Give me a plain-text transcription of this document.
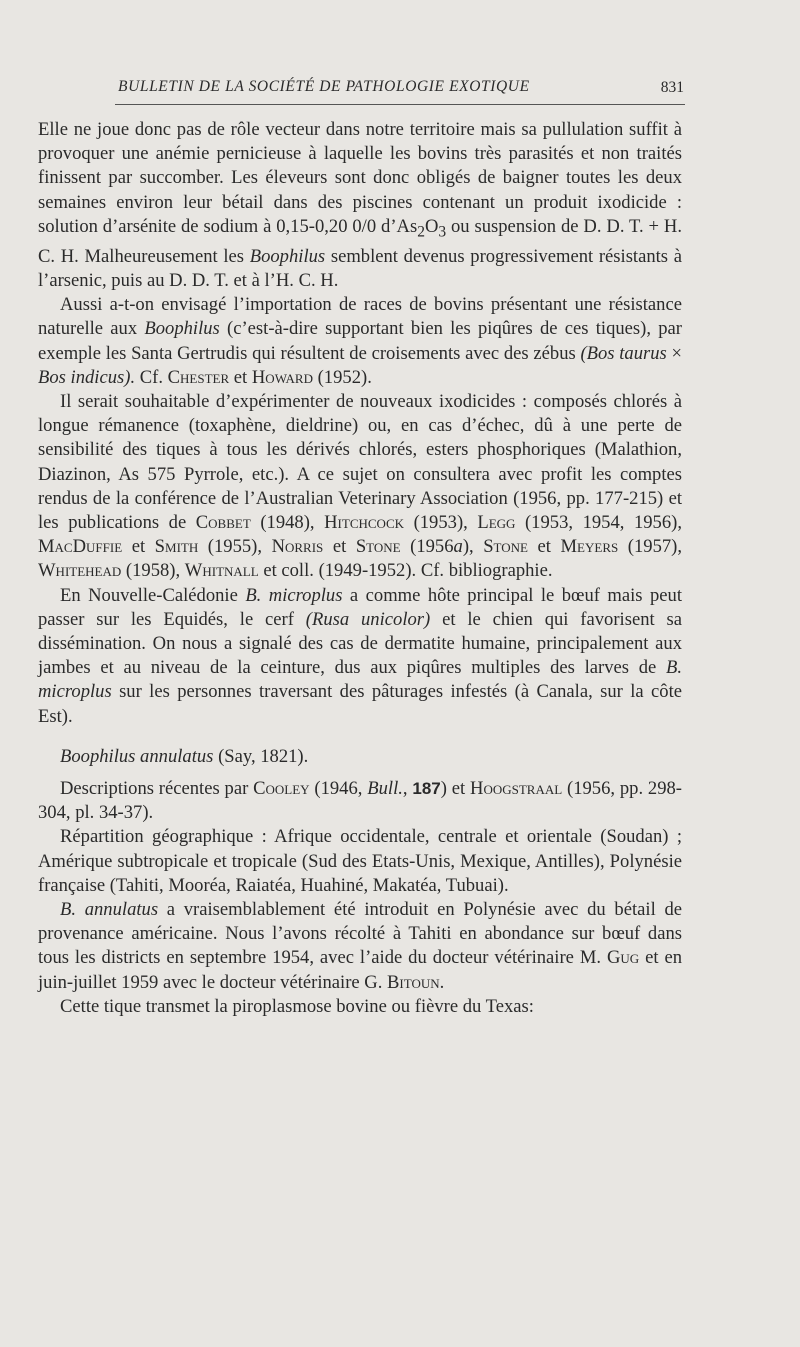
BULLETIN DE LA SOCIÉTÉ DE PATHOLOGIE EXOTIQUE	831

Elle ne joue donc pas de rôle vecteur dans notre territoire mais sa pullulation suffit à provoquer une anémie pernicieuse à laquelle les bovins très parasités et non traités finissent par succomber. Les éleveurs sont donc obligés de baigner toutes les deux semaines environ leur bétail dans des piscines contenant un produit ixodicide : solution d’arsénite de sodium à 0,15-0,20 0/0 $d’As_2O_3$ ou suspension de D. D. T. + H. C. H. Malheureusement les Boophilus semblent devenus progressivement résistants à l’arsenic, puis au D. D. T. et à l’H. C. H.

Aussi a-t-on envisagé l’importation de races de bovins présentant une résistance naturelle aux Boophilus (c’est-à-dire supportant bien les piqûres de ces tiques), par exemple les Santa Gertrudis qui résultent de croisements avec des zébus (Bos taurus × Bos indicus). Cf. Chester et Howard (1952).

Il serait souhaitable d’expérimenter de nouveaux ixodicides : composés chlorés à longue rémanence (toxaphène, dieldrine) ou, en cas d’échec, dû à une perte de sensibilité des tiques à tous les dérivés chlorés, esters phosphoriques (Malathion, Diazinon, As 575 Pyrrole, etc.). A ce sujet on consultera avec profit les comptes rendus de la conférence de l’Australian Veterinary Association (1956, pp. 177-215) et les publications de Cobbet (1948), Hitchcock (1953), Legg (1953, 1954, 1956), MacDuffie et Smith (1955), Norris et Stone (1956a), Stone et Meyers (1957), Whitehead (1958), Whitnall et coll. (1949-1952). Cf. bibliographie.

En Nouvelle-Calédonie B. microplus a comme hôte principal le bœuf mais peut passer sur les Equidés, le cerf (Rusa unicolor) et le chien qui favorisent sa dissémination. On nous a signalé des cas de dermatite humaine, principalement aux jambes et au niveau de la ceinture, dus aux piqûres multiples des larves de B. microplus sur les personnes traversant des pâturages infestés (à Canala, sur la côte Est).

Boophilus annulatus (Say, 1821).

Descriptions récentes par Cooley (1946, Bull., 187) et Hoogstraal (1956, pp. 298-304, pl. 34-37).

Répartition géographique : Afrique occidentale, centrale et orientale (Soudan) ; Amérique subtropicale et tropicale (Sud des Etats-Unis, Mexique, Antilles), Polynésie française (Tahiti, Mooréa, Raiatéa, Huahiné, Makatéa, Tubuai).

B. annulatus a vraisemblablement été introduit en Polynésie avec du bétail de provenance américaine. Nous l’avons récolté à Tahiti en abondance sur bœuf dans tous les districts en septembre 1954, avec l’aide du docteur vétérinaire M. Gug et en juin-juillet 1959 avec le docteur vétérinaire G. Bitoun.

Cette tique transmet la piroplasmose bovine ou fièvre du Texas:
